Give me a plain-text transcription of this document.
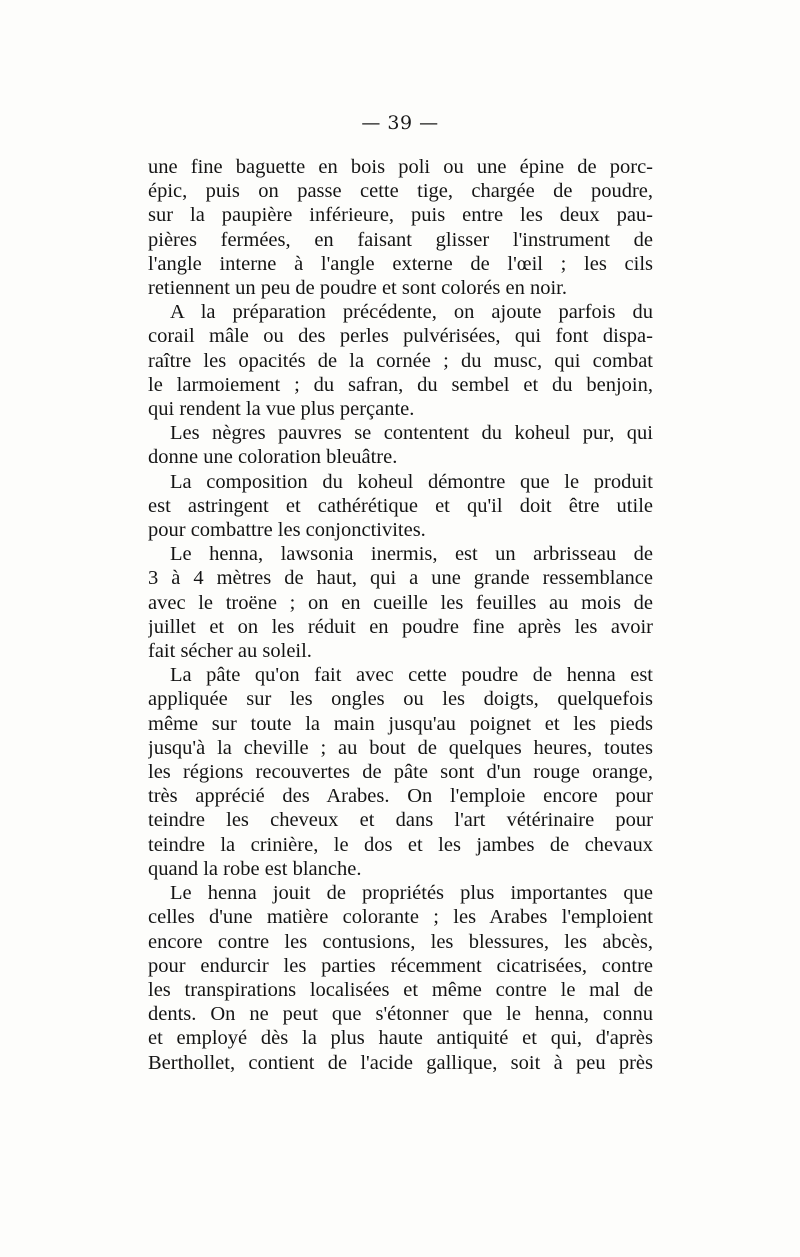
— 39 —
une fine baguette en bois poli ou une épine de porc-
épic, puis on passe cette tige, chargée de poudre,
sur la paupière inférieure, puis entre les deux pau-
pières fermées, en faisant glisser l'instrument de
l'angle interne à l'angle externe de l'œil ; les cils
retiennent un peu de poudre et sont colorés en noir.
A la préparation précédente, on ajoute parfois du
corail mâle ou des perles pulvérisées, qui font dispa-
raître les opacités de la cornée ; du musc, qui combat
le larmoiement ; du safran, du sembel et du benjoin,
qui rendent la vue plus perçante.
Les nègres pauvres se contentent du koheul pur, qui
donne une coloration bleuâtre.
La composition du koheul démontre que le produit
est astringent et cathérétique et qu'il doit être utile
pour combattre les conjonctivites.
Le henna, lawsonia inermis, est un arbrisseau de
3 à 4 mètres de haut, qui a une grande ressemblance
avec le troëne ; on en cueille les feuilles au mois de
juillet et on les réduit en poudre fine après les avoir
fait sécher au soleil.
La pâte qu'on fait avec cette poudre de henna est
appliquée sur les ongles ou les doigts, quelquefois
même sur toute la main jusqu'au poignet et les pieds
jusqu'à la cheville ; au bout de quelques heures, toutes
les régions recouvertes de pâte sont d'un rouge orange,
très apprécié des Arabes. On l'emploie encore pour
teindre les cheveux et dans l'art vétérinaire pour
teindre la crinière, le dos et les jambes de chevaux
quand la robe est blanche.
Le henna jouit de propriétés plus importantes que
celles d'une matière colorante ; les Arabes l'emploient
encore contre les contusions, les blessures, les abcès,
pour endurcir les parties récemment cicatrisées, contre
les transpirations localisées et même contre le mal de
dents. On ne peut que s'étonner que le henna, connu
et employé dès la plus haute antiquité et qui, d'après
Berthollet, contient de l'acide gallique, soit à peu près
